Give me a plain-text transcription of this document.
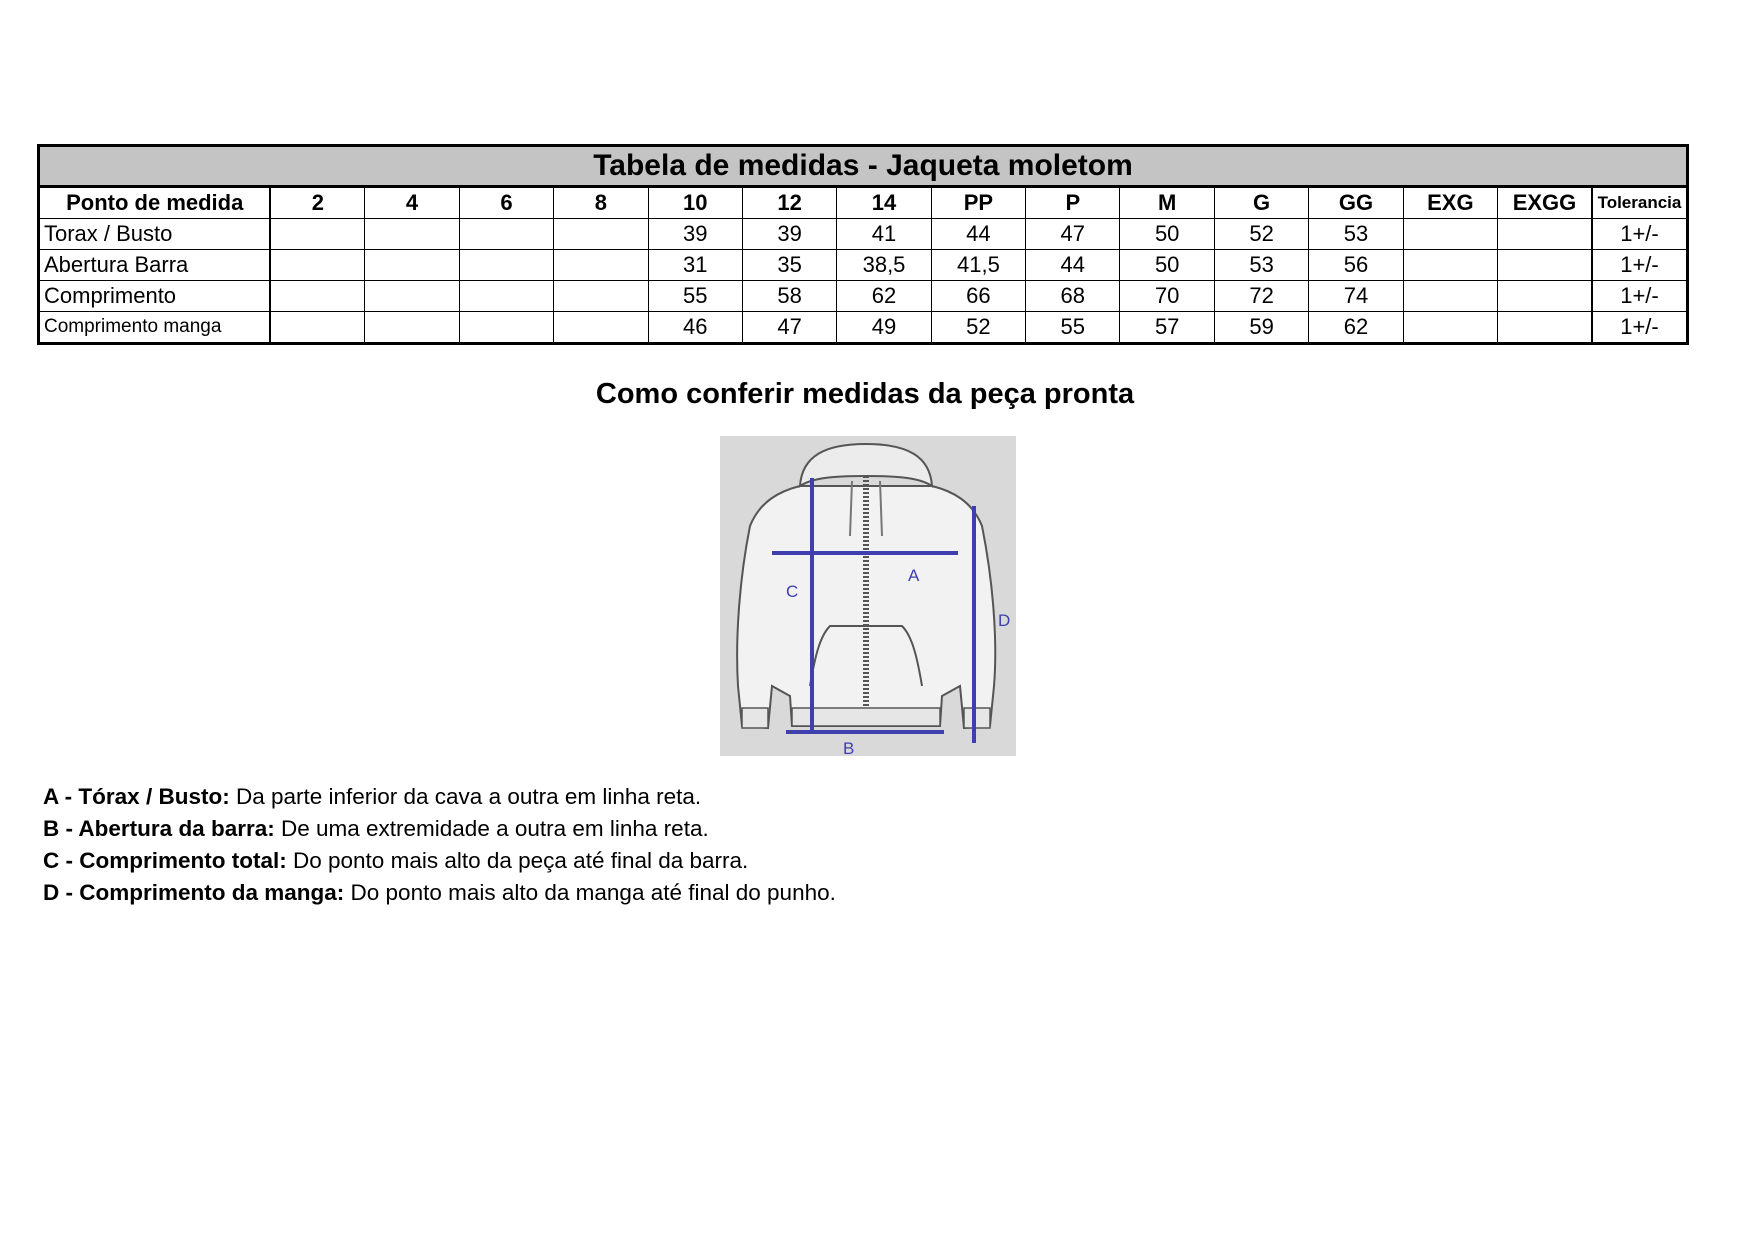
Tabela de medidas - Jaqueta moletom															
Ponto de medida	2	4	6	8	10	12	14	PP	P	M	G	GG	EXG	EXGG	Tolerancia
Torax / Busto					39	39	41	44	47	50	52	53			1+/-
Abertura Barra					31	35	38,5	41,5	44	50	53	56			1+/-
Comprimento					55	58	62	66	68	70	72	74			1+/-
Comprimento manga					46	47	49	52	55	57	59	62			1+/-
Como conferir medidas da peça pronta
A
B
C
D
A - Tórax / Busto: Da parte inferior da cava a outra em linha reta.
B - Abertura da barra: De uma extremidade a outra em linha reta.
C - Comprimento total: Do ponto mais alto da peça até final da barra.
D - Comprimento da manga: Do ponto mais alto da manga até final do punho.
